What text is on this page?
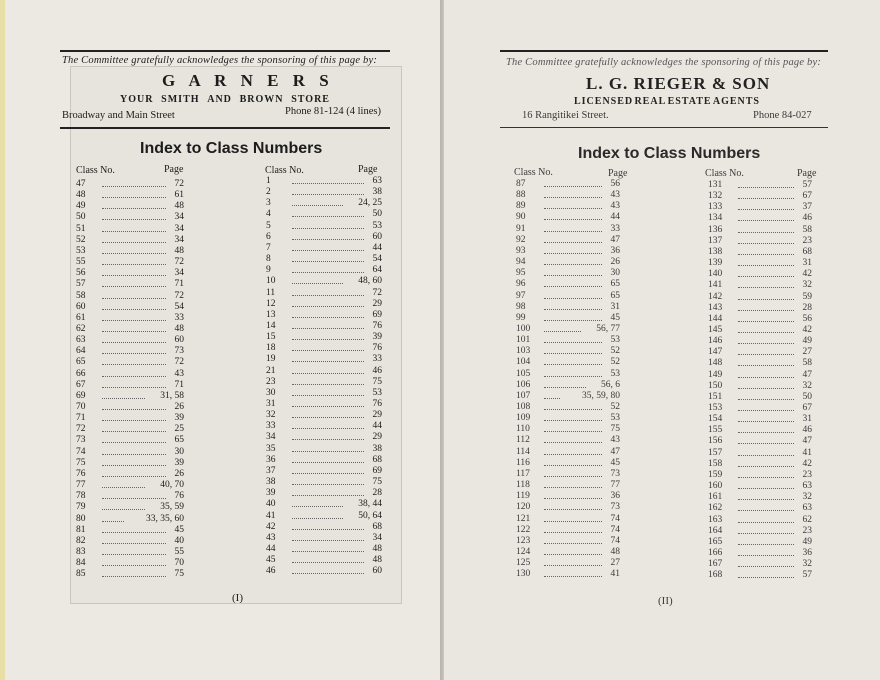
The Committee gratefully acknowledges the sponsoring of this page by:
G A R N E R S
YOUR SMITH AND BROWN STORE
Broadway and Main Street	Phone 81-124 (4 lines)
Index to Class Numbers
Class No.	Page	Class No.	Page
47	72
48	61
49	48
50	34
51	34
52	34
53	48
55	72
56	34
57	71
58	72
60	54
61	33
62	48
63	60
64	73
65	72
66	43
67	71
69	31, 58
70	26
71	39
72	25
73	65
74	30
75	39
76	26
77	40, 70
78	76
79	35, 59
80	33, 35, 60
81	45
82	40
83	55
84	70
85	75
1	63
2	38
3	24, 25
4	50
5	53
6	60
7	44
8	54
9	64
10	48, 60
11	72
12	29
13	69
14	76
15	39
18	76
19	33
21	46
23	75
30	53
31	76
32	29
33	44
34	29
35	38
36	68
37	69
38	75
39	28
40	38, 44
41	50, 64
42	68
43	34
44	48
45	48
46	60
(I)
The Committee gratefully acknowledges the sponsoring of this page by:
L. G. RIEGER & SON
LICENSED REAL ESTATE AGENTS
16 Rangitikei Street.	Phone 84-027
Index to Class Numbers
Class No.	Page	Class No.	Page
87	56
88	43
89	43
90	44
91	33
92	47
93	36
94	26
95	30
96	65
97	65
98	31
99	45
100	56, 77
101	53
103	52
104	52
105	53
106	56, 6
107	35, 59, 80
108	52
109	53
110	75
112	43
114	47
116	45
117	73
118	77
119	36
120	73
121	74
122	74
123	74
124	48
125	27
130	41
131	57
132	67
133	37
134	46
136	58
137	23
138	68
139	31
140	42
141	32
142	59
143	28
144	56
145	42
146	49
147	27
148	58
149	47
150	32
151	50
153	67
154	31
155	46
156	47
157	41
158	42
159	23
160	63
161	32
162	63
163	62
164	23
165	49
166	36
167	32
168	57
(II)
